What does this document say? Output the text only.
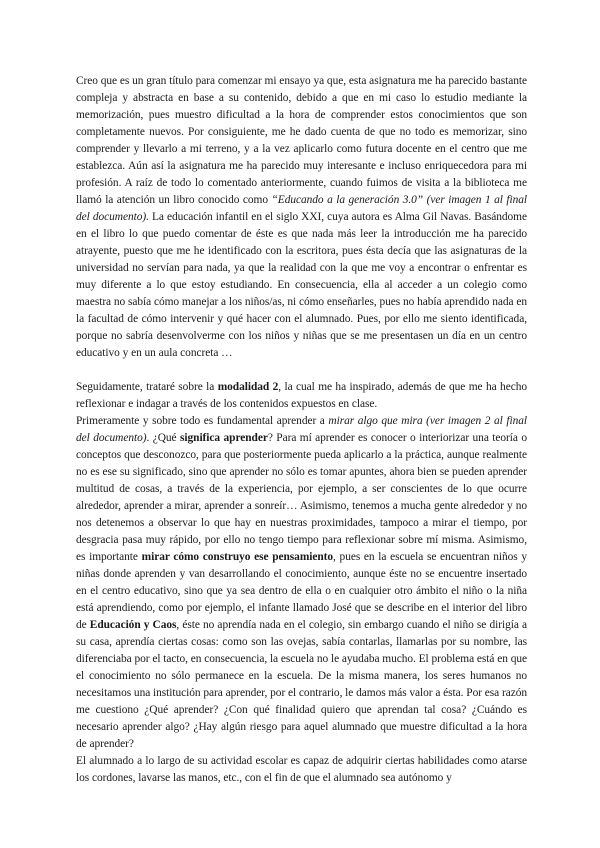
Creo que es un gran título para comenzar mi ensayo ya que, esta asignatura me ha parecido bastante compleja y abstracta en base a su contenido, debido a que en mi caso lo estudio mediante la memorización, pues muestro dificultad a la hora de comprender estos conocimientos que son completamente nuevos. Por consiguiente, me he dado cuenta de que no todo es memorizar, sino comprender y llevarlo a mi terreno, y a la vez aplicarlo como futura docente en el centro que me establezca. Aún así la asignatura me ha parecido muy interesante e incluso enriquecedora para mi profesión. A raíz de todo lo comentado anteriormente, cuando fuimos de visita a la biblioteca me llamó la atención un libro conocido como “Educando a la generación 3.0” (ver imagen 1 al final del documento). La educación infantil en el siglo XXI, cuya autora es Alma Gil Navas. Basándome en el libro lo que puedo comentar de éste es que nada más leer la introducción me ha parecido atrayente, puesto que me he identificado con la escritora, pues ésta decía que las asignaturas de la universidad no servían para nada, ya que la realidad con la que me voy a encontrar o enfrentar es muy diferente a lo que estoy estudiando. En consecuencia, ella al acceder a un colegio como maestra no sabía cómo manejar a los niños/as, ni cómo enseñarles, pues no había aprendido nada en la facultad de cómo intervenir y qué hacer con el alumnado. Pues, por ello me siento identificada, porque no sabría desenvolverme con los niños y niñas que se me presentasen un día en un centro educativo y en un aula concreta …

Seguidamente, trataré sobre la modalidad 2, la cual me ha inspirado, además de que me ha hecho reflexionar e indagar a través de los contenidos expuestos en clase.

Primeramente y sobre todo es fundamental aprender a mirar algo que mira (ver imagen 2 al final del documento). ¿Qué significa aprender? Para mí aprender es conocer o interiorizar una teoría o conceptos que desconozco, para que posteriormente pueda aplicarlo a la práctica, aunque realmente no es ese su significado, sino que aprender no sólo es tomar apuntes, ahora bien se pueden aprender multitud de cosas, a través de la experiencia, por ejemplo, a ser conscientes de lo que ocurre alrededor, aprender a mirar, aprender a sonreír… Asimismo, tenemos a mucha gente alrededor y no nos detenemos a observar lo que hay en nuestras proximidades, tampoco a mirar el tiempo, por desgracia pasa muy rápido, por ello no tengo tiempo para reflexionar sobre mí misma. Asimismo, es importante mirar cómo construyo ese pensamiento, pues en la escuela se encuentran niños y niñas donde aprenden y van desarrollando el conocimiento, aunque éste no se encuentre insertado en el centro educativo, sino que ya sea dentro de ella o en cualquier otro ámbito el niño o la niña está aprendiendo, como por ejemplo, el infante llamado José que se describe en el interior del libro de Educación y Caos, éste no aprendía nada en el colegio, sin embargo cuando el niño se dirigía a su casa, aprendía ciertas cosas: como son las ovejas, sabía contarlas, llamarlas por su nombre, las diferenciaba por el tacto, en consecuencia, la escuela no le ayudaba mucho. El problema está en que el conocimiento no sólo permanece en la escuela. De la misma manera, los seres humanos no necesitamos una institución para aprender, por el contrario, le damos más valor a ésta. Por esa razón me cuestiono ¿Qué aprender? ¿Con qué finalidad quiero que aprendan tal cosa? ¿Cuándo es necesario aprender algo? ¿Hay algún riesgo para aquel alumnado que muestre dificultad a la hora de aprender?

El alumnado a lo largo de su actividad escolar es capaz de adquirir ciertas habilidades como atarse los cordones, lavarse las manos, etc., con el fin de que el alumnado sea autónomo y
